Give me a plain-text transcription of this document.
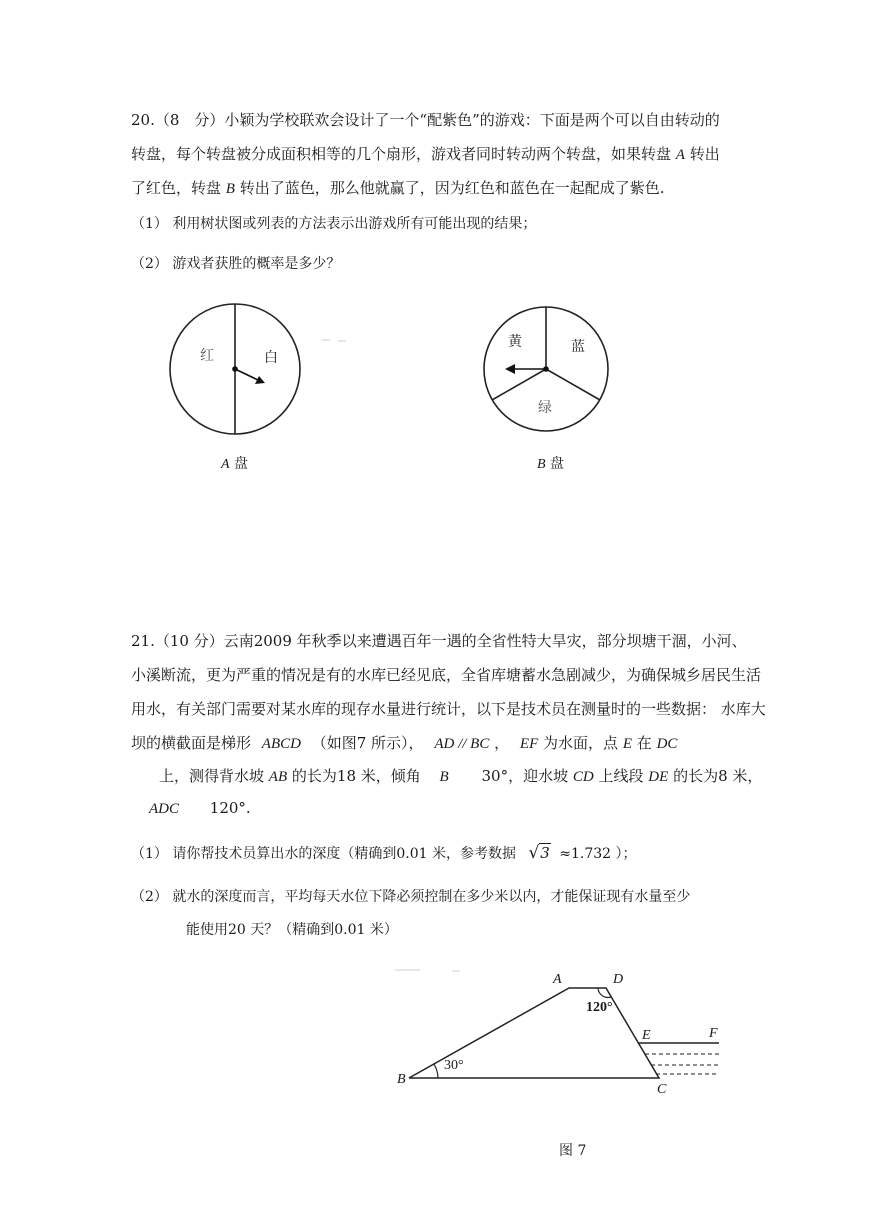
20.（8　分）小颖为学校联欢会设计了一个“配紫色”的游戏：下面是两个可以自由转动的
转盘，每个转盘被分成面积相等的几个扇形，游戏者同时转动两个转盘，如果转盘 A 转出
了红色，转盘 B 转出了蓝色，那么他就赢了，因为红色和蓝色在一起配成了紫色.
（1） 利用树状图或列表的方法表示出游戏所有可能出现的结果；
（2） 游戏者获胜的概率是多少？
红	白
A 盘
黄	蓝
绿
B 盘
21.（10 分）云南2009 年秋季以来遭遇百年一遇的全省性特大旱灾，部分坝塘干涸，小河、
小溪断流，更为严重的情况是有的水库已经见底，全省库塘蓄水急剧减少，为确保城乡居民生活
用水，有关部门需要对某水库的现存水量进行统计，以下是技术员在测量时的一些数据： 水库大
坝的横截面是梯形 ABCD （如图7 所示）， AD // BC ， EF 为水面，点 E 在 DC
上，测得背水坡 AB 的长为18 米，倾角 B 30°，迎水坡 CD 上线段 DE 的长为8 米，
ADC 120°.
（1） 请你帮技术员算出水的深度（精确到0.01 米，参考数据 √3 ≈1.732 ）；
（2） 就水的深度而言，平均每天水位下降必须控制在多少米以内，才能保证现有水量至少
能使用20 天？（精确到0.01 米）
A	D
120°
E	F
30°
B
C
图 7
